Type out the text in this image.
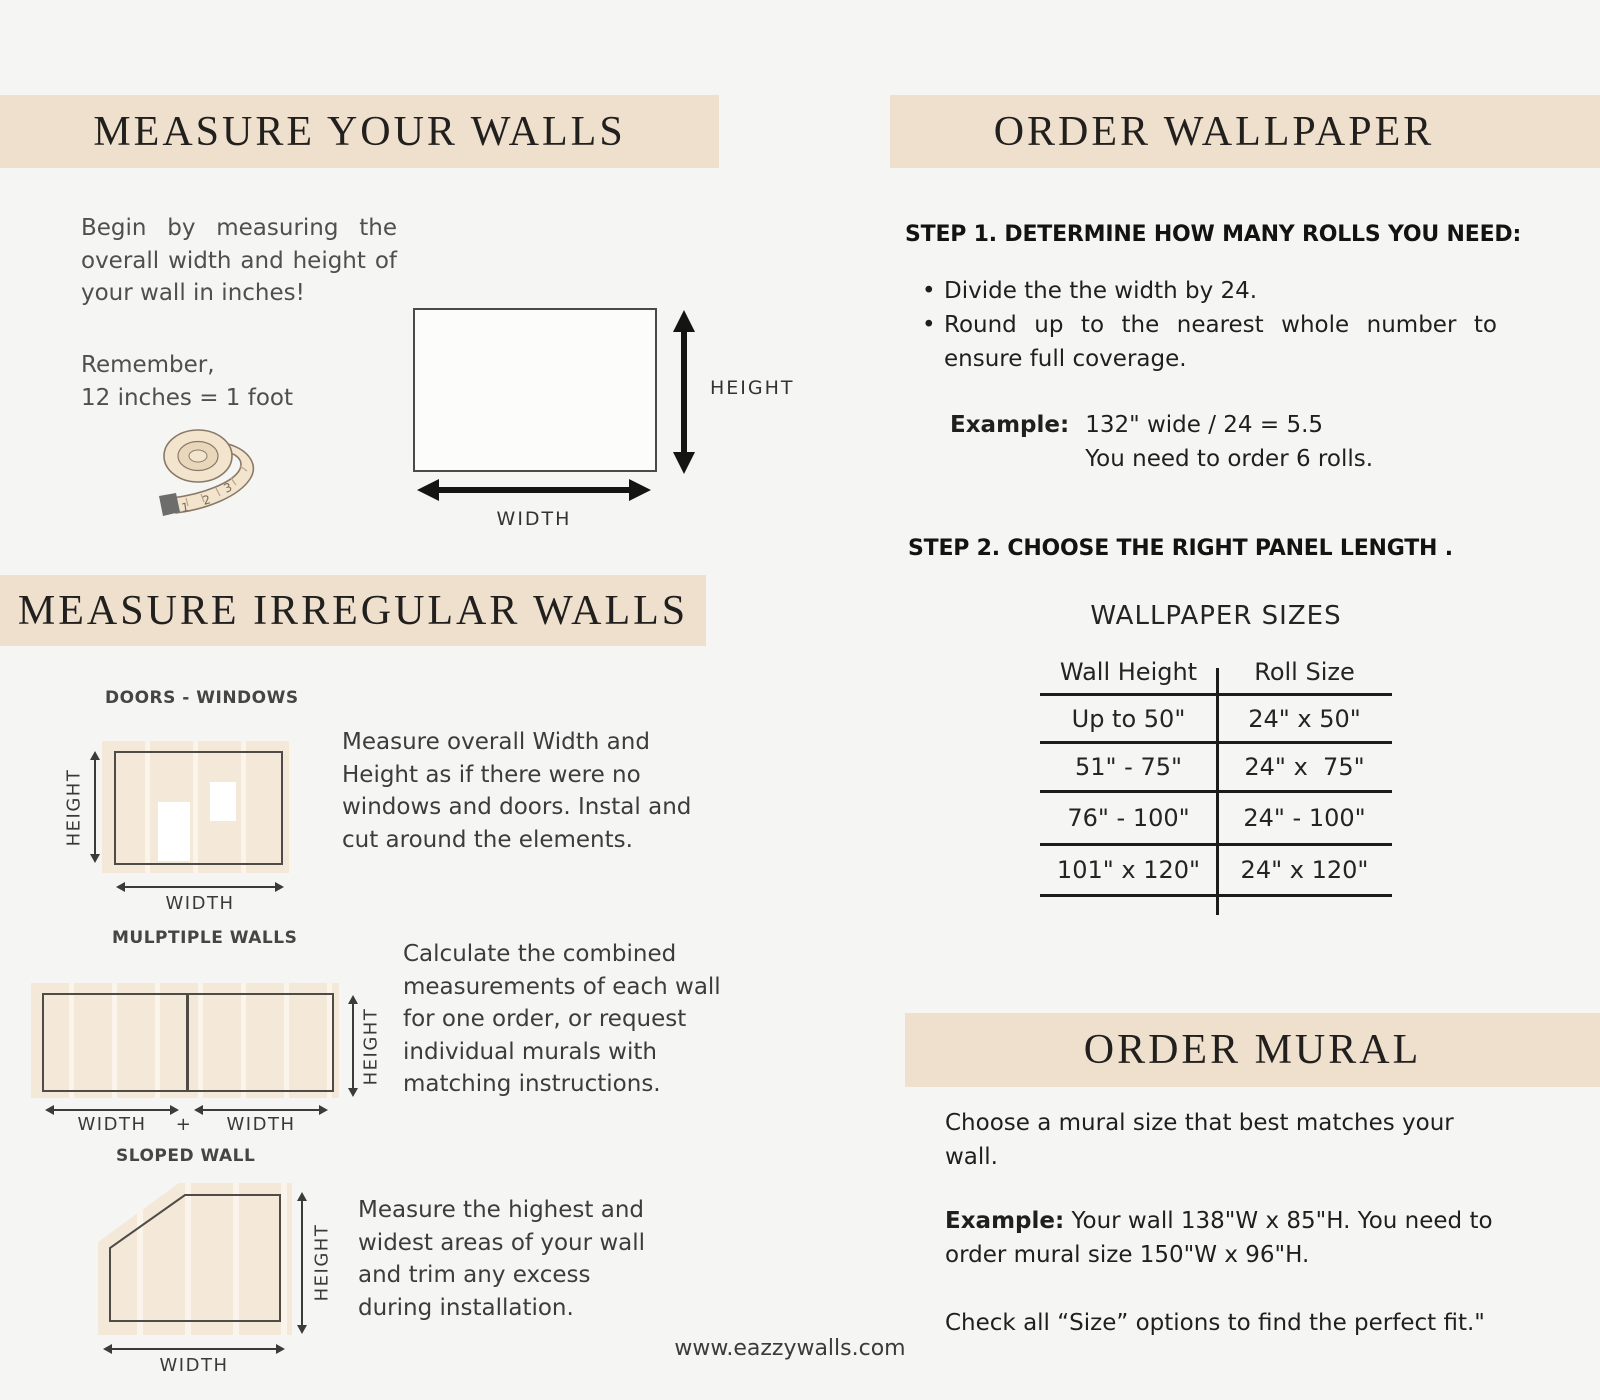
MEASURE YOUR WALLS
Begin by measuring the overall width and height of your wall in inches!
Remember,
12 inches = 1 foot
1 2
3
HEIGHT
WIDTH
MEASURE IRREGULAR WALLS
DOORS - WINDOWS
HEIGHT
WIDTH
Measure overall Width and Height as if there were no windows and doors. Instal and cut around the elements.
MULPTIPLE WALLS
HEIGHT
WIDTH	+	WIDTH
Calculate the combined measurements of each wall for one order, or request individual murals with matching instructions.
SLOPED WALL
HEIGHT
WIDTH
Measure the highest and widest areas of your wall and trim any excess during installation.
www.eazzywalls.com
ORDER WALLPAPER
STEP 1. DETERMINE HOW MANY ROLLS YOU NEED:
• Divide the the width by 24.
• Round up to the nearest whole number to ensure full coverage.
Example: 132" wide / 24 = 5.5
You need to order 6 rolls.
STEP 2. CHOOSE THE RIGHT PANEL LENGTH .
WALLPAPER SIZES
Wall Height	Roll Size
Up to 50"	24" x 50"
51" - 75"	24" x  75"
76" - 100"	24" - 100"
101" x 120"	24" x 120"
ORDER MURAL
Choose a mural size that best matches your wall.
Example: Your wall 138"W x 85"H. You need to order mural size 150"W x 96"H.
Check all “Size” options to find the perfect fit."
